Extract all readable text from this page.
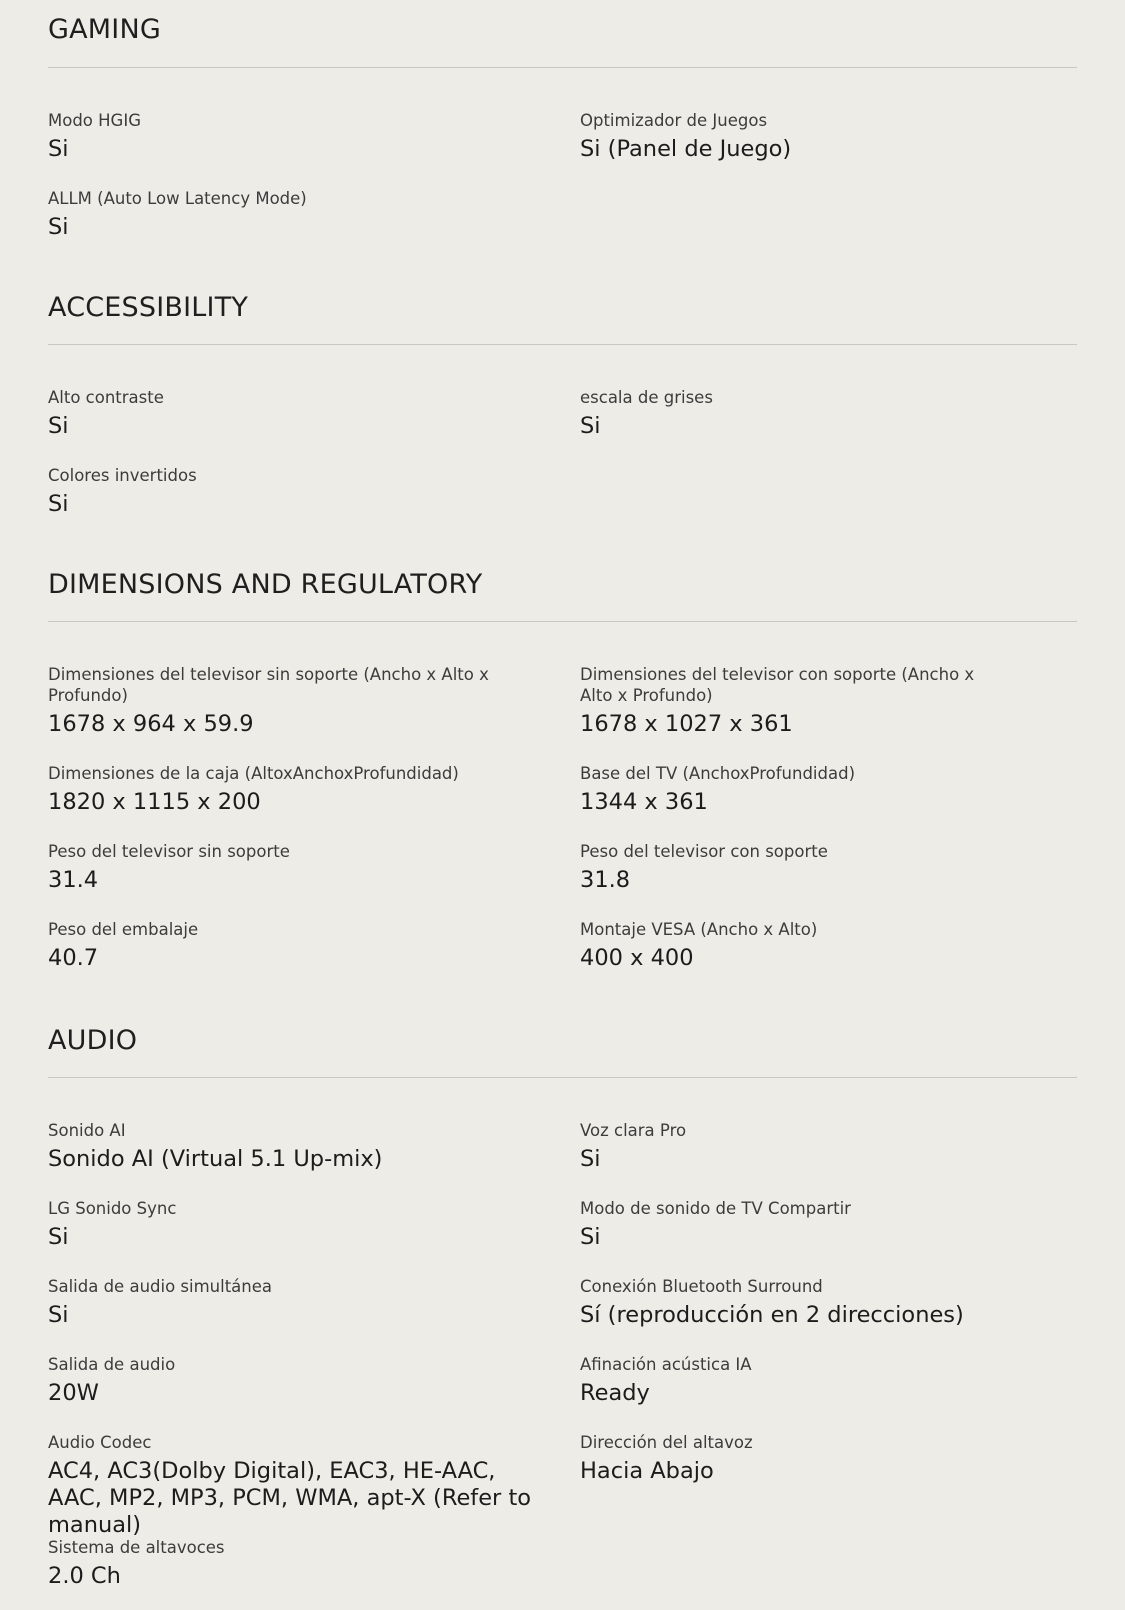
GAMING
Modo HGIG
Si
Optimizador de Juegos
Si (Panel de Juego)
ALLM (Auto Low Latency Mode)
Si
ACCESSIBILITY
Alto contraste
Si
escala de grises
Si
Colores invertidos
Si
DIMENSIONS AND REGULATORY
Dimensiones del televisor sin soporte (Ancho x Alto x Profundo)
1678 x 964 x 59.9
Dimensiones del televisor con soporte (Ancho x Alto x Profundo)
1678 x 1027 x 361
Dimensiones de la caja (AltoxAnchoxProfundidad)
1820 x 1115 x 200
Base del TV (AnchoxProfundidad)
1344 x 361
Peso del televisor sin soporte
31.4
Peso del televisor con soporte
31.8
Peso del embalaje
40.7
Montaje VESA (Ancho x Alto)
400 x 400
AUDIO
Sonido AI
Sonido AI (Virtual 5.1 Up-mix)
Voz clara Pro
Si
LG Sonido Sync
Si
Modo de sonido de TV Compartir
Si
Salida de audio simultánea
Si
Conexión Bluetooth Surround
Sí (reproducción en 2 direcciones)
Salida de audio
20W
Afinación acústica IA
Ready
Audio Codec
AC4, AC3(Dolby Digital), EAC3, HE-AAC, AAC, MP2, MP3, PCM, WMA, apt-X (Refer to manual)
Dirección del altavoz
Hacia Abajo
Sistema de altavoces
2.0 Ch
